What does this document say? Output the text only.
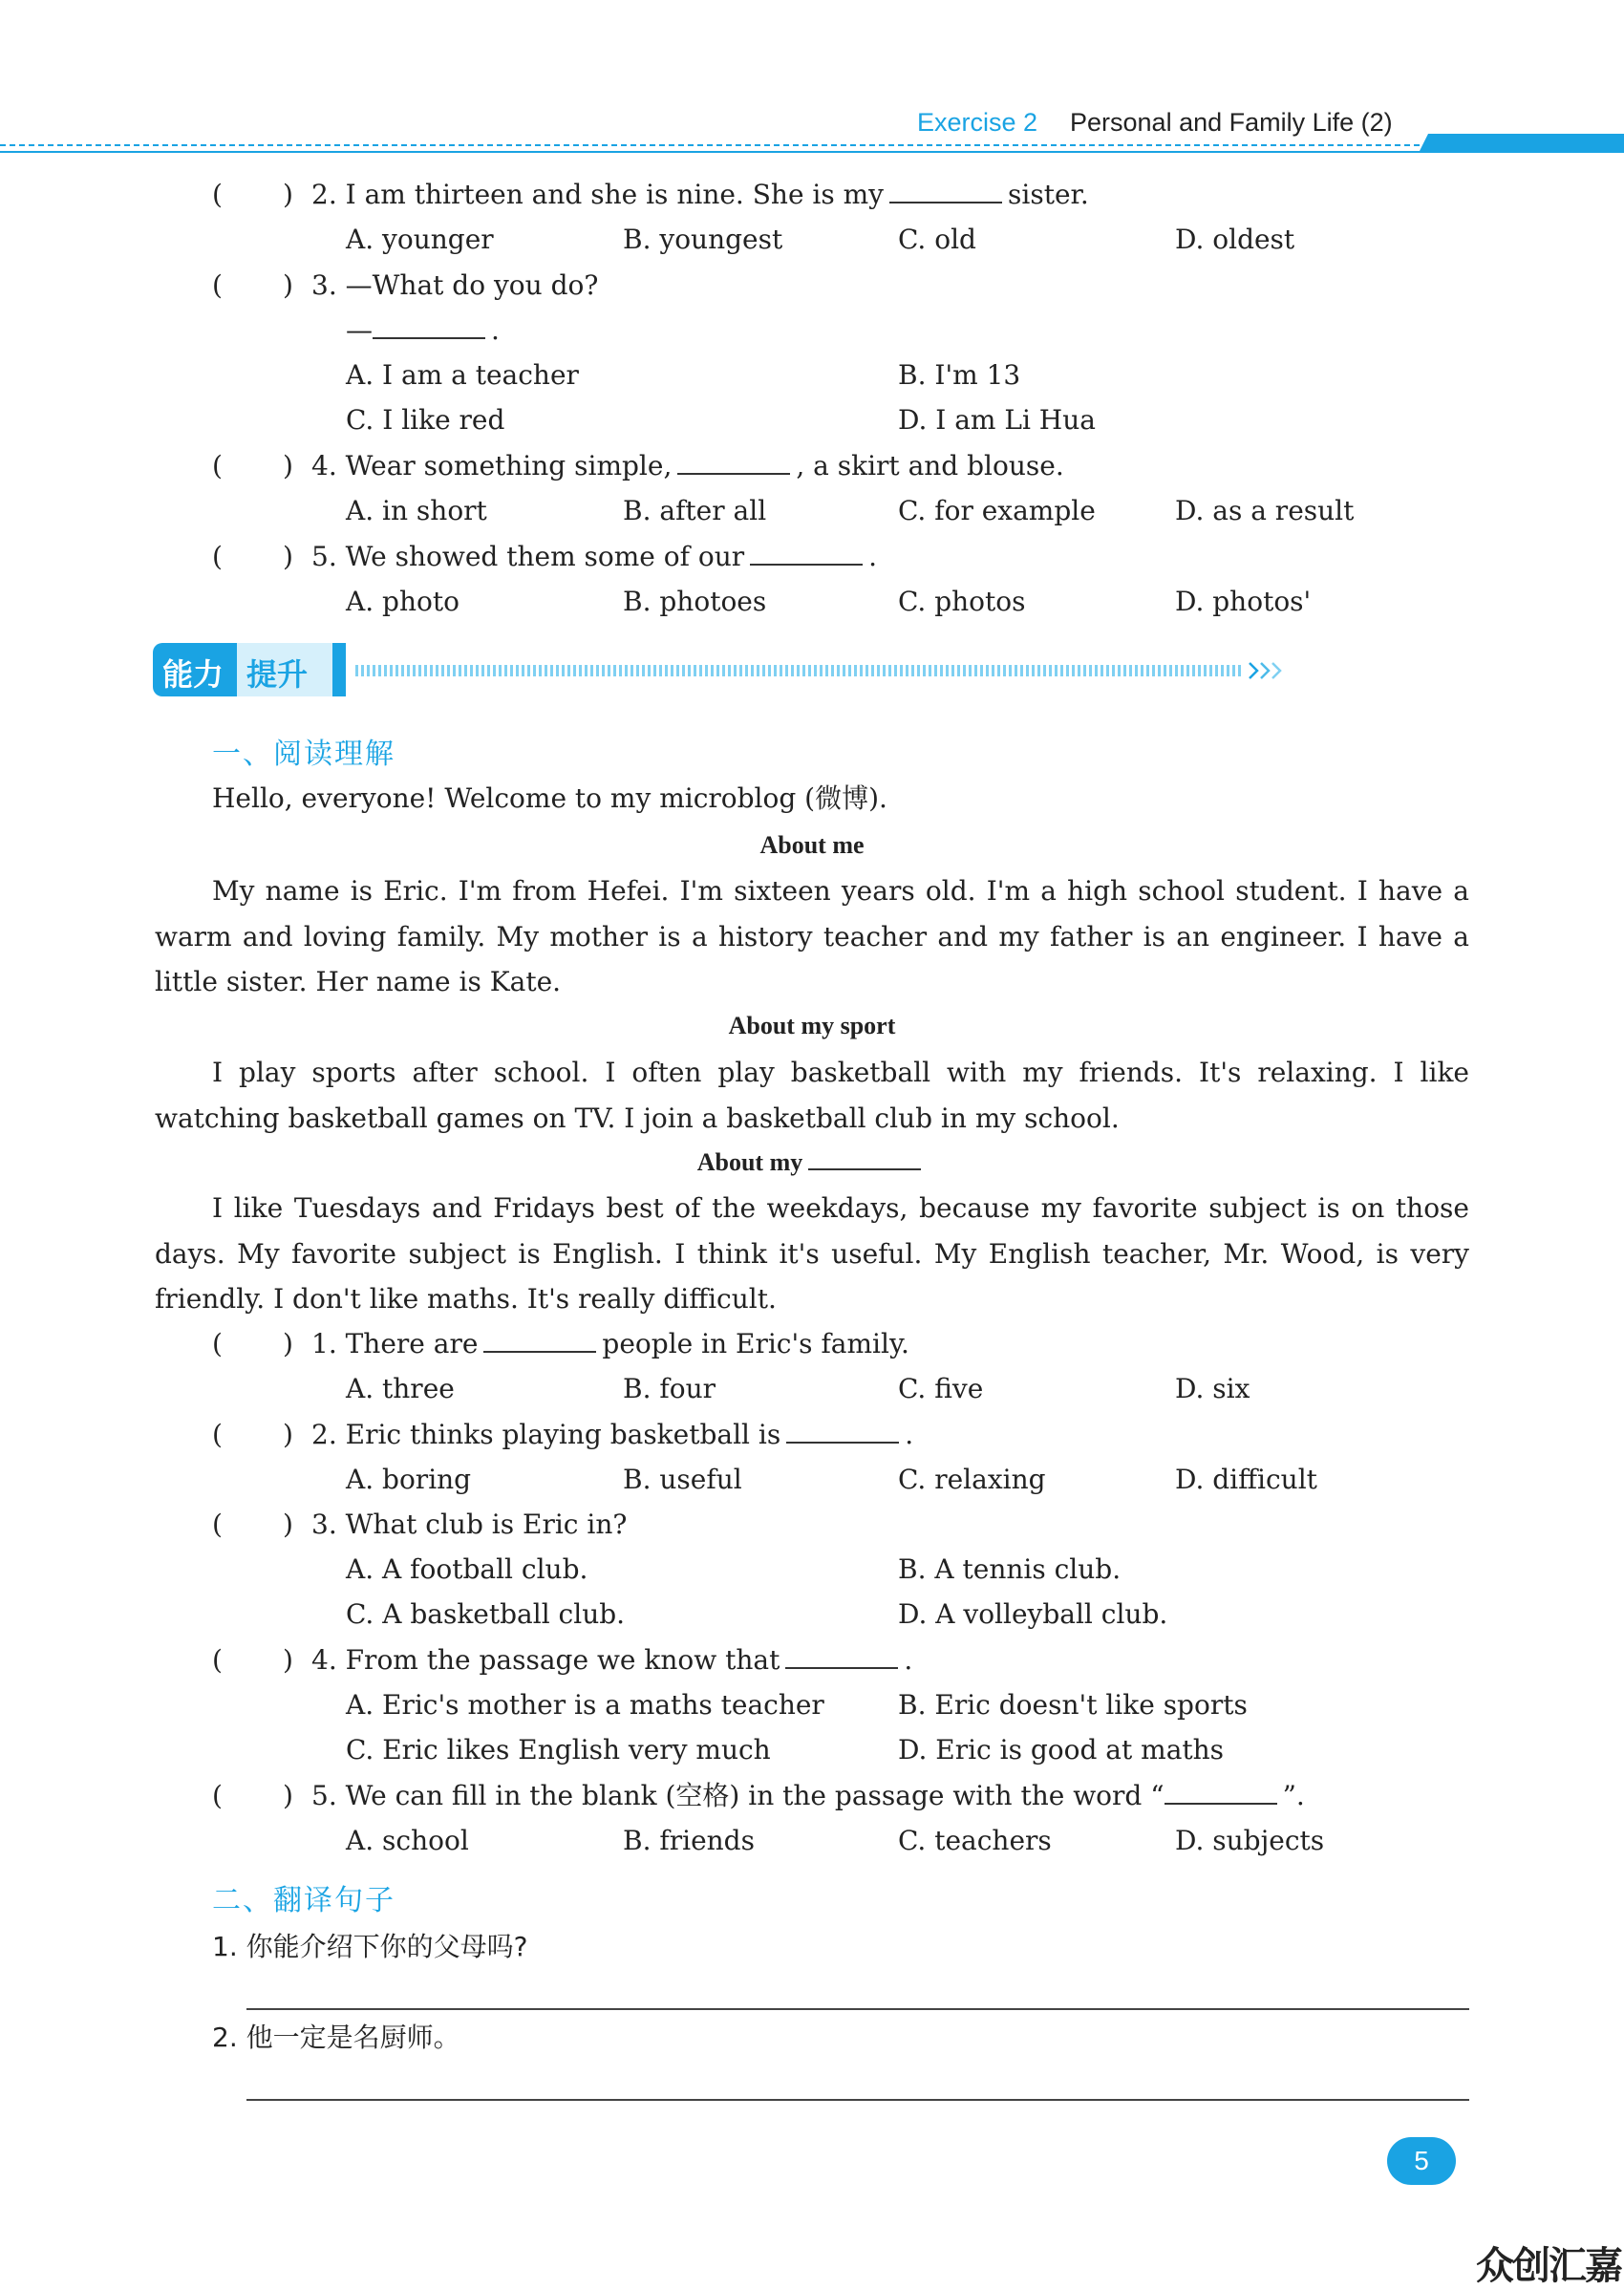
Exercise 2 Personal and Family Life (2)
( ) 2. I am thirteen and she is nine. She is my	sister.
A. younger	B. youngest	C. old	D. oldest
( ) 3. —What do you do?
—	.
A. I am a teacher	B. I'm 13
C. I like red	D. I am Li Hua
( ) 4. Wear something simple,	, a skirt and blouse.
A. in short	B. after all	C. for example	D. as a result
( ) 5. We showed them some of our	.
A. photo	B. photoes	C. photos	D. photos'
能力 提升
一、阅读理解
Hello, everyone! Welcome to my microblog (微博).
About me
My name is Eric. I'm from Hefei. I'm sixteen years old. I'm a high school student. I have a warm and loving family. My mother is a history teacher and my father is an engineer. I have a little sister. Her name is Kate.
About my sport
I play sports after school. I often play basketball with my friends. It's relaxing. I like watching basketball games on TV. I join a basketball club in my school.
About my
I like Tuesdays and Fridays best of the weekdays, because my favorite subject is on those days. My favorite subject is English. I think it's useful. My English teacher, Mr. Wood, is very friendly. I don't like maths. It's really difficult.
( ) 1. There are	people in Eric's family.
A. three	B. four	C. five	D. six
( ) 2. Eric thinks playing basketball is	.
A. boring	B. useful	C. relaxing	D. difficult
( ) 3. What club is Eric in?
A. A football club.	B. A tennis club.
C. A basketball club.	D. A volleyball club.
( ) 4. From the passage we know that	.
A. Eric's mother is a maths teacher	B. Eric doesn't like sports
C. Eric likes English very much	D. Eric is good at maths
( ) 5. We can fill in the blank (空格) in the passage with the word “	”.
A. school	B. friends	C. teachers	D. subjects
二、翻译句子
1. 你能介绍下你的父母吗?
2. 他一定是名厨师。
5
众创汇嘉
